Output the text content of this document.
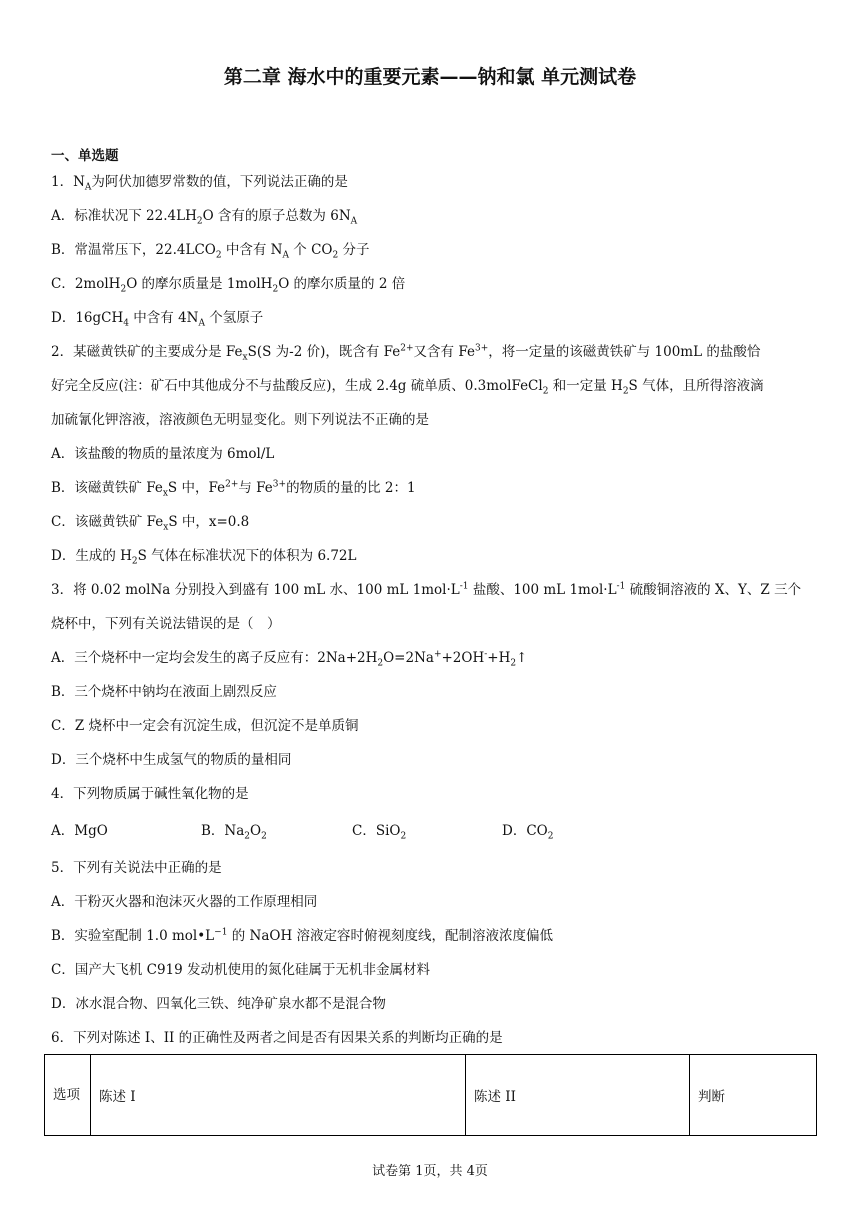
第二章 海水中的重要元素——钠和氯 单元测试卷
一、单选题
1．$N_A$为阿伏加德罗常数的值，下列说法正确的是
A．标准状况下 $22.4LH_2O$ 含有的原子总数为 $6N_A$
B．常温常压下，$22.4LCO_2$ 中含有 $N_A$ 个 $CO_2$ 分子
C．2molH$_2$O 的摩尔质量是 1molH$_2$O 的摩尔质量的 2 倍
D．16gCH$_4$ 中含有 $4N_A$ 个氢原子
2．某磁黄铁矿的主要成分是 $Fe_xS(S$ 为-2 价)，既含有 $Fe^{2+}$又含有 $Fe^{3+}$，将一定量的该磁黄铁矿与 100mL 的盐酸恰
好完全反应(注：矿石中其他成分不与盐酸反应)，生成 2.4g 硫单质、0.3molFeCl$_2$ 和一定量 $H_2S$ 气体，且所得溶液滴
加硫氰化钾溶液，溶液颜色无明显变化。则下列说法不正确的是
A．该盐酸的物质的量浓度为 6mol/L
B．该磁黄铁矿 $Fe_xS$ 中，$Fe^{2+}$与 $Fe^{3+}$的物质的量的比 2：1
C．该磁黄铁矿 $Fe_xS$ 中，x=0.8
D．生成的 $H_2S$ 气体在标准状况下的体积为 6.72L
3．将 0.02 molNa 分别投入到盛有 100 mL 水、100 mL $1mol\cdot L^{-1}$ 盐酸、100 mL $1mol\cdot L^{-1}$ 硫酸铜溶液的 X、Y、Z 三个
烧杯中，下列有关说法错误的是（　）
A．三个烧杯中一定均会发生的离子反应有：$2Na+2H_2O=2Na^++2OH^-+H_2↑$
B．三个烧杯中钠均在液面上剧烈反应
C．Z 烧杯中一定会有沉淀生成，但沉淀不是单质铜
D．三个烧杯中生成氢气的物质的量相同
4．下列物质属于碱性氧化物的是
A．MgO	B．$Na_2O_2$	C．SiO$_2$	D．$CO_2$
5．下列有关说法中正确的是
A．干粉灭火器和泡沫灭火器的工作原理相同
B．实验室配制 1.0 $mol•L^{-1}$ 的 NaOH 溶液定容时俯视刻度线，配制溶液浓度偏低
C．国产大飞机 C919 发动机使用的氮化硅属于无机非金属材料
D．冰水混合物、四氧化三铁、纯净矿泉水都不是混合物
6．下列对陈述 I、II 的正确性及两者之间是否有因果关系的判断均正确的是
选项	陈述 I	陈述 II	判断
试卷第 1页，共 4页
